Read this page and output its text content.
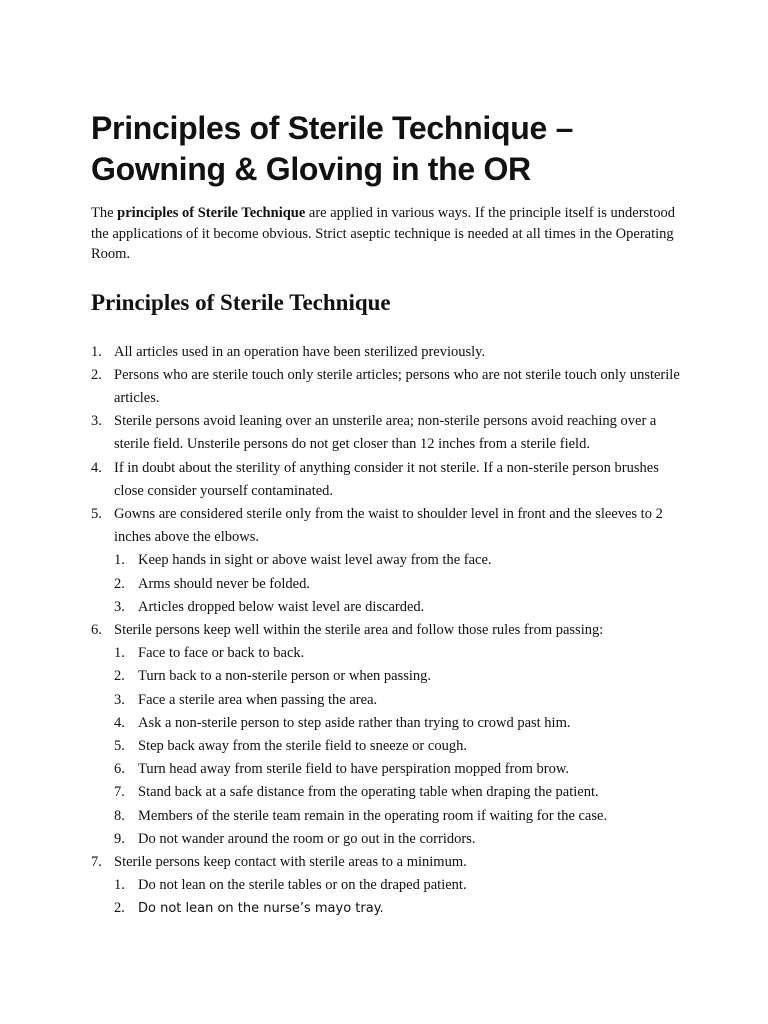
Principles of Sterile Technique –
Gowning & Gloving in the OR

The principles of Sterile Technique are applied in various ways. If the principle itself is understood the applications of it become obvious. Strict aseptic technique is needed at all times in the Operating Room.

Principles of Sterile Technique
1. All articles used in an operation have been sterilized previously.
2. Persons who are sterile touch only sterile articles; persons who are not sterile touch only unsterile articles.
3. Sterile persons avoid leaning over an unsterile area; non-sterile persons avoid reaching over a sterile field. Unsterile persons do not get closer than 12 inches from a sterile field.
4. If in doubt about the sterility of anything consider it not sterile. If a non-sterile person brushes close consider yourself contaminated.
5. Gowns are considered sterile only from the waist to shoulder level in front and the sleeves to 2 inches above the elbows.
1. Keep hands in sight or above waist level away from the face.
2. Arms should never be folded.
3. Articles dropped below waist level are discarded.
6. Sterile persons keep well within the sterile area and follow those rules from passing:
1. Face to face or back to back.
2. Turn back to a non-sterile person or when passing.
3. Face a sterile area when passing the area.
4. Ask a non-sterile person to step aside rather than trying to crowd past him.
5. Step back away from the sterile field to sneeze or cough.
6. Turn head away from sterile field to have perspiration mopped from brow.
7. Stand back at a safe distance from the operating table when draping the patient.
8. Members of the sterile team remain in the operating room if waiting for the case.
9. Do not wander around the room or go out in the corridors.
7. Sterile persons keep contact with sterile areas to a minimum.
1. Do not lean on the sterile tables or on the draped patient.
2. Do not lean on the nurse’s mayo tray.
